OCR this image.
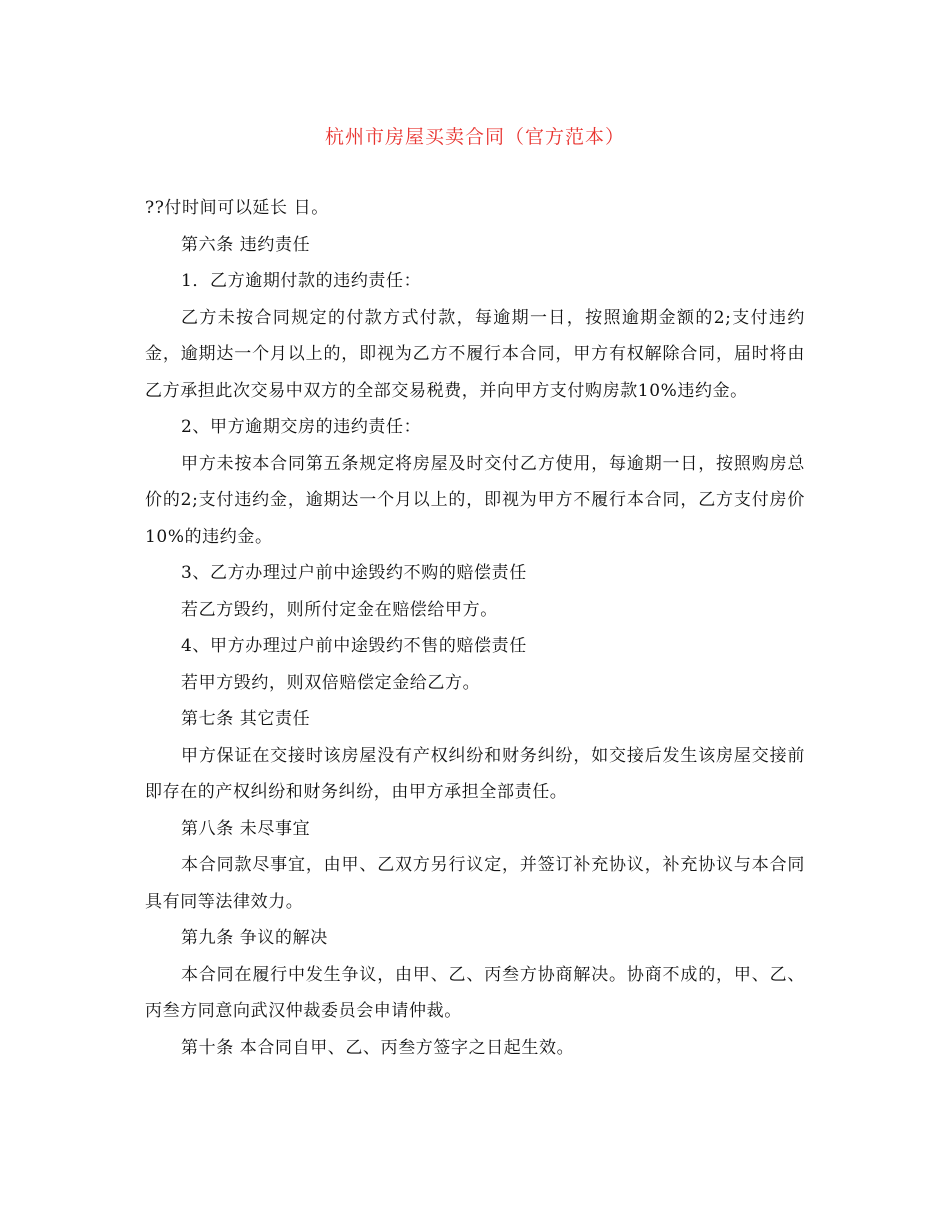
杭州市房屋买卖合同（官方范本）

??付时间可以延长 日。

第六条 违约责任

1．乙方逾期付款的违约责任：

乙方未按合同规定的付款方式付款，每逾期一日，按照逾期金额的2;支付违约金，逾期达一个月以上的，即视为乙方不履行本合同，甲方有权解除合同，届时将由乙方承担此次交易中双方的全部交易税费，并向甲方支付购房款10%违约金。

2、甲方逾期交房的违约责任：

甲方未按本合同第五条规定将房屋及时交付乙方使用，每逾期一日，按照购房总价的2;支付违约金，逾期达一个月以上的，即视为甲方不履行本合同，乙方支付房价10%的违约金。

3、乙方办理过户前中途毁约不购的赔偿责任

若乙方毁约，则所付定金在赔偿给甲方。

4、甲方办理过户前中途毁约不售的赔偿责任

若甲方毁约，则双倍赔偿定金给乙方。

第七条 其它责任

甲方保证在交接时该房屋没有产权纠纷和财务纠纷，如交接后发生该房屋交接前即存在的产权纠纷和财务纠纷，由甲方承担全部责任。

第八条 未尽事宜

本合同款尽事宜，由甲、乙双方另行议定，并签订补充协议，补充协议与本合同具有同等法律效力。

第九条 争议的解决

本合同在履行中发生争议，由甲、乙、丙叁方协商解决。协商不成的，甲、乙、丙叁方同意向武汉仲裁委员会申请仲裁。

第十条 本合同自甲、乙、丙叁方签字之日起生效。
